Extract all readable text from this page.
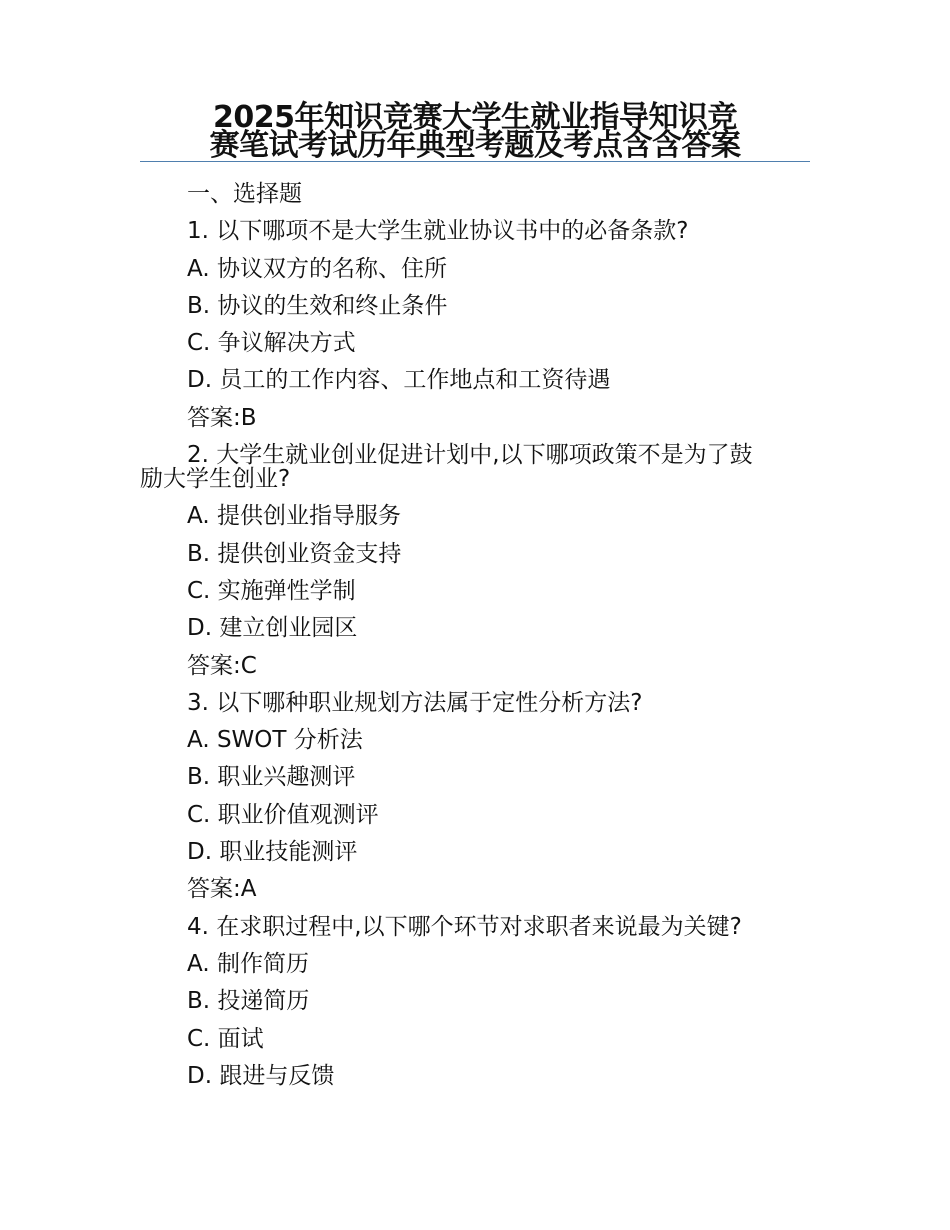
2025年知识竞赛大学生就业指导知识竞
赛笔试考试历年典型考题及考点含含答案
一、选择题
1. 以下哪项不是大学生就业协议书中的必备条款?
A. 协议双方的名称、住所
B. 协议的生效和终止条件
C. 争议解决方式
D. 员工的工作内容、工作地点和工资待遇
答案:B
2. 大学生就业创业促进计划中,以下哪项政策不是为了鼓
励大学生创业?
A. 提供创业指导服务
B. 提供创业资金支持
C. 实施弹性学制
D. 建立创业园区
答案:C
3. 以下哪种职业规划方法属于定性分析方法?
A. SWOT 分析法
B. 职业兴趣测评
C. 职业价值观测评
D. 职业技能测评
答案:A
4. 在求职过程中,以下哪个环节对求职者来说最为关键?
A. 制作简历
B. 投递简历
C. 面试
D. 跟进与反馈
